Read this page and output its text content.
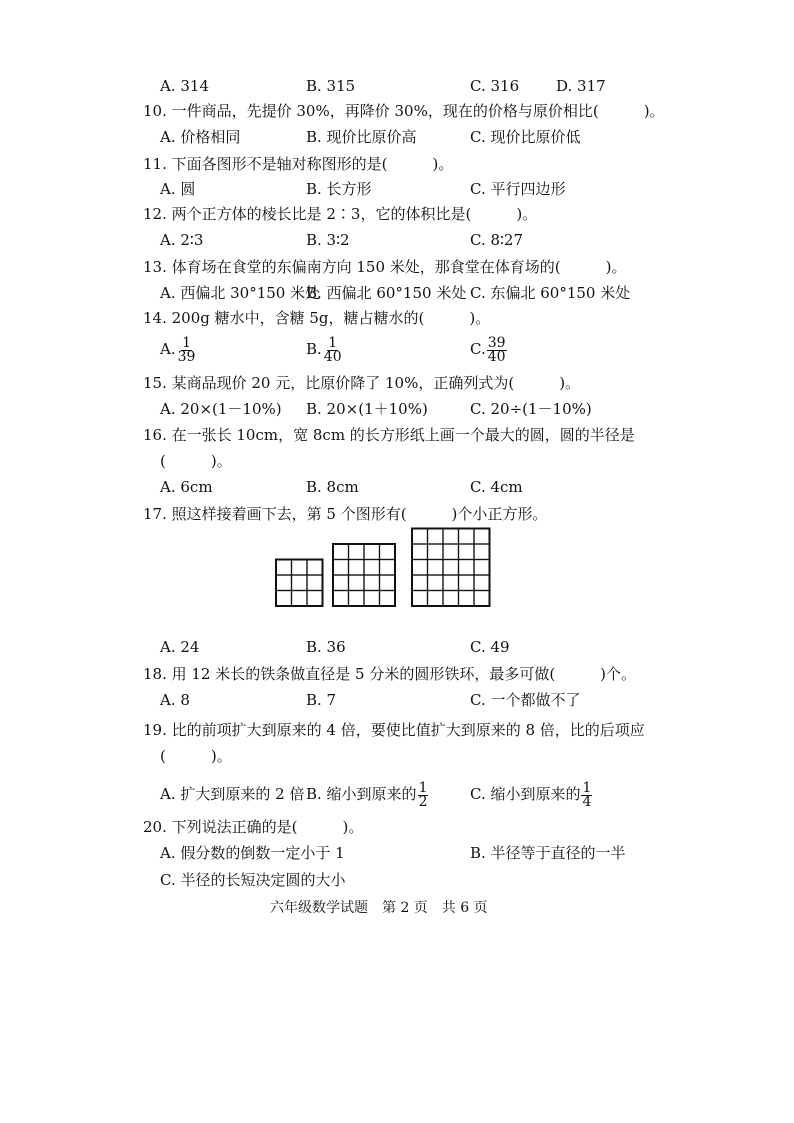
A. 314	B. 315	C. 316 D. 317
10. 一件商品，先提价 30%，再降价 30%，现在的价格与原价相比(　　　)。
A. 价格相同	B. 现价比原价高	C. 现价比原价低
11. 下面各图形不是轴对称图形的是(　　　)。
A. 圆	B. 长方形	C. 平行四边形
12. 两个正方体的棱长比是 2∶3，它的体积比是(　　　)。
A. 2∶3	B. 3∶2	C. 8∶27
13. 体育场在食堂的东偏南方向 150 米处，那食堂在体育场的(　　　)。
A. 西偏北 30°150 米处
B. 西偏北 60°150 米处 C. 东偏北 60°150 米处
14. 200g 糖水中，含糖 5g，糖占糖水的(　　　)。
A. $\frac{1}{39}$	B. $\frac{1}{40}$	C. $\frac{39}{40}$
15. 某商品现价 20 元，比原价降了 10%，正确列式为(　　　)。
A. 20×(1－10%) B. 20×(1＋10%)	C. 20÷(1－10%)
16. 在一张长 10cm，宽 8cm 的长方形纸上画一个最大的圆，圆的半径是
(　　　)。
A. 6cm	B. 8cm	C. 4cm
17. 照这样接着画下去，第 5 个图形有(　　　)个小正方形。
A. 24	B. 36	C. 49
18. 用 12 米长的铁条做直径是 5 分米的圆形铁环，最多可做(　　　)个。
A. 8	B. 7	C. 一个都做不了
19. 比的前项扩大到原来的 4 倍，要使比值扩大到原来的 8 倍，比的后项应
(　　　)。
A. 扩大到原来的 2 倍 B. 缩小到原来的 $\frac{1}{2}$	C. 缩小到原来的 $\frac{1}{4}$
20. 下列说法正确的是(　　　)。
A. 假分数的倒数一定小于 1	B. 半径等于直径的一半
C. 半径的长短决定圆的大小
六年级数学试题　第 2 页　共 6 页
